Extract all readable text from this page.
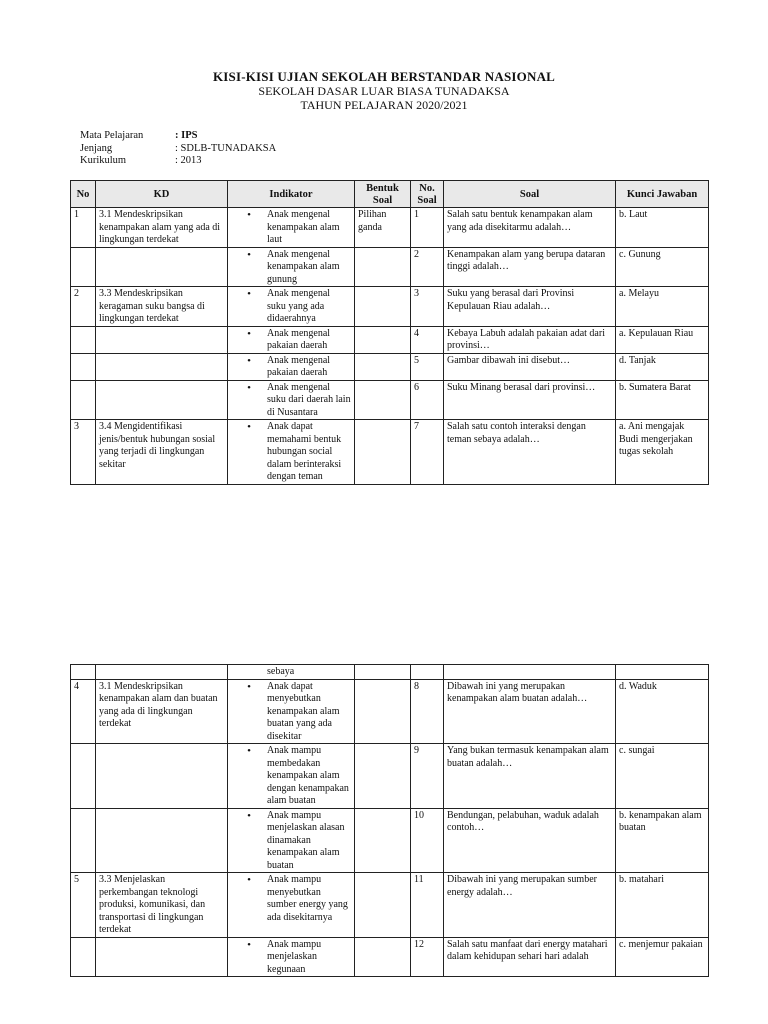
KISI-KISI UJIAN SEKOLAH BERSTANDAR NASIONAL
SEKOLAH DASAR LUAR BIASA TUNADAKSA
TAHUN PELAJARAN 2020/2021
Mata Pelajaran	: IPS
Jenjang	: SDLB-TUNADAKSA
Kurikulum	: 2013
No	KD	Indikator	Bentuk Soal	No. Soal	Soal	Kunci Jawaban
1	3.1 Mendeskripsikan kenampakan alam yang ada di lingkungan terdekat	• Anak mengenal kenampakan alam laut	Pilihan ganda	1	Salah satu bentuk kenampakan alam yang ada disekitarmu adalah…	b. Laut

		• Anak mengenal kenampakan alam gunung		2	Kenampakan alam yang berupa dataran tinggi adalah…	c. Gunung
2	3.3 Mendeskripsikan keragaman suku bangsa di lingkungan terdekat	• Anak mengenal suku yang ada didaerahnya		3	Suku yang berasal dari Provinsi Kepulauan Riau adalah…	a. Melayu

		• Anak mengenal pakaian daerah		4	Kebaya Labuh adalah pakaian adat dari provinsi…	a. Kepulauan Riau

		• Anak mengenal pakaian daerah		5	Gambar dibawah ini disebut…	d. Tanjak

		• Anak mengenal suku dari daerah lain di Nusantara		6	Suku Minang berasal dari provinsi…	b. Sumatera Barat
3	3.4 Mengidentifikasi jenis/bentuk hubungan sosial yang terjadi di lingkungan sekitar	• Anak dapat memahami bentuk hubungan social dalam berinteraksi dengan teman		7	Salah satu contoh interaksi dengan teman sebaya adalah…	a. Ani mengajak Budi mengerjakan tugas sekolah

		sebaya				

4	3.1 Mendeskripsikan kenampakan alam dan buatan yang ada di lingkungan terdekat	• Anak dapat menyebutkan kenampakan alam buatan yang ada disekitar		8	Dibawah ini yang merupakan kenampakan alam buatan adalah…	d. Waduk

		• Anak mampu membedakan kenampakan alam dengan kenampakan alam buatan		9	Yang bukan termasuk kenampakan alam buatan adalah…	c. sungai

		• Anak mampu menjelaskan alasan dinamakan kenampakan alam buatan		10	Bendungan, pelabuhan, waduk adalah contoh…	b. kenampakan alam buatan
5	3.3 Menjelaskan perkembangan teknologi produksi, komunikasi, dan transportasi di lingkungan terdekat	• Anak mampu menyebutkan sumber energy yang ada disekitarnya		11	Dibawah ini yang merupakan sumber energy adalah…	b. matahari

		• Anak mampu menjelaskan kegunaan		12	Salah satu manfaat dari energy matahari dalam kehidupan sehari hari adalah	c. menjemur pakaian
